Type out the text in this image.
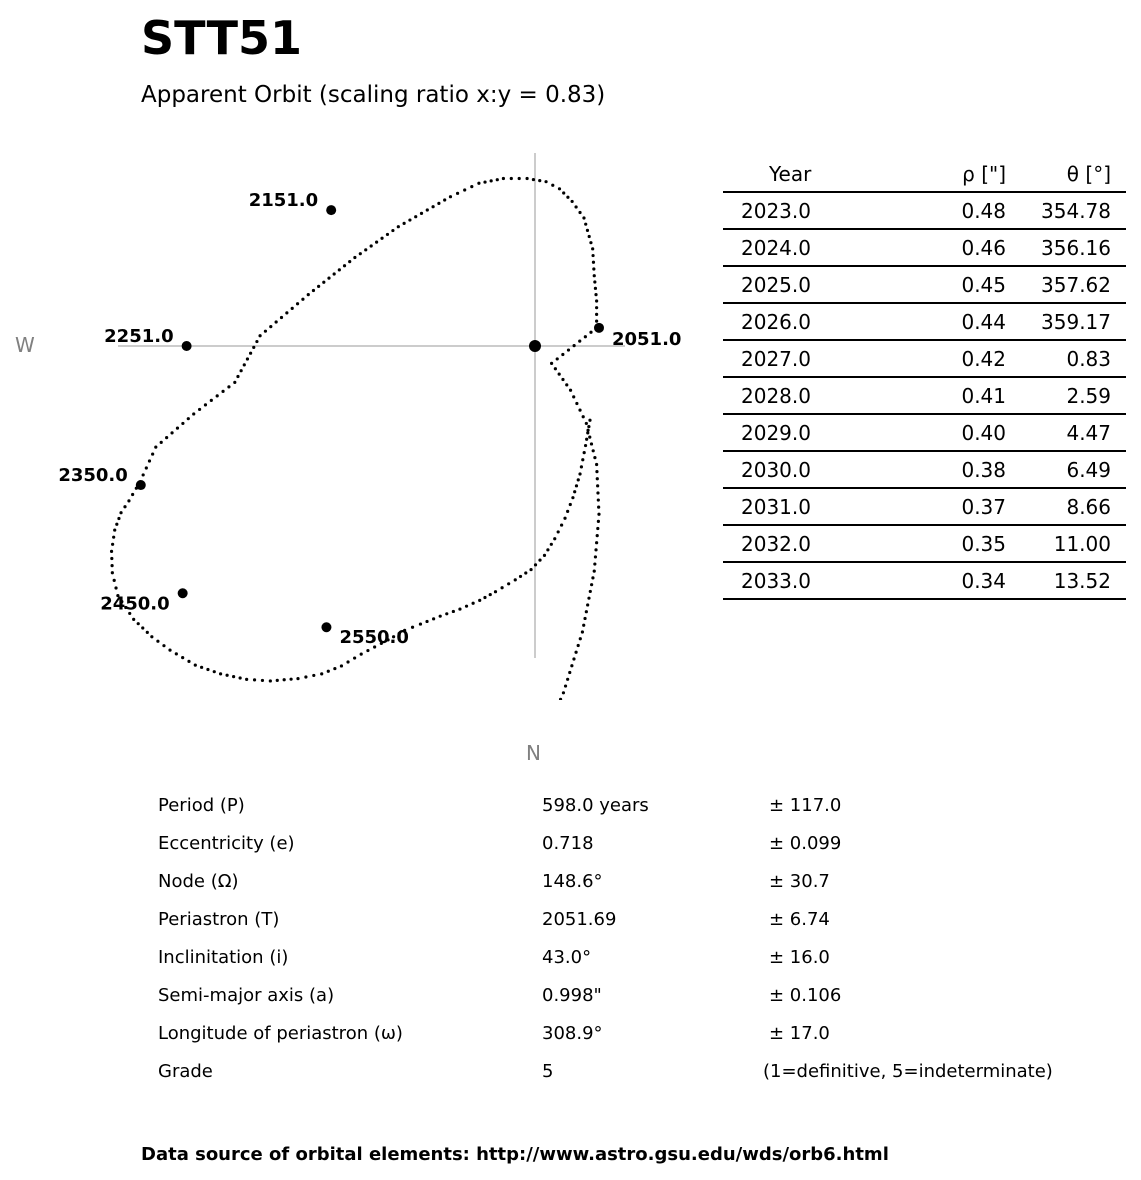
STT51
Apparent Orbit (scaling ratio x:y = 0.83)
2051.0
2151.0
2251.0
2350.0
2450.0
2550.0
W
N
Year	ρ ["]	θ [°]
2023.0	0.48	354.78
2024.0	0.46	356.16
2025.0	0.45	357.62
2026.0	0.44	359.17
2027.0	0.42	0.83
2028.0	0.41	2.59
2029.0	0.40	4.47
2030.0	0.38	6.49
2031.0	0.37	8.66
2032.0	0.35	11.00
2033.0	0.34	13.52
Period (P)	598.0 years	± 117.0
Eccentricity (e)	0.718	± 0.099
Node (Ω)	148.6°	± 30.7
Periastron (T)	2051.69	± 6.74
Inclinitation (i)	43.0°	± 16.0
Semi-major axis (a)	0.998"	± 0.106
Longitude of periastron (ω)	308.9°	± 17.0
Grade	5	(1=definitive, 5=indeterminate)
Data source of orbital elements: http://www.astro.gsu.edu/wds/orb6.html
